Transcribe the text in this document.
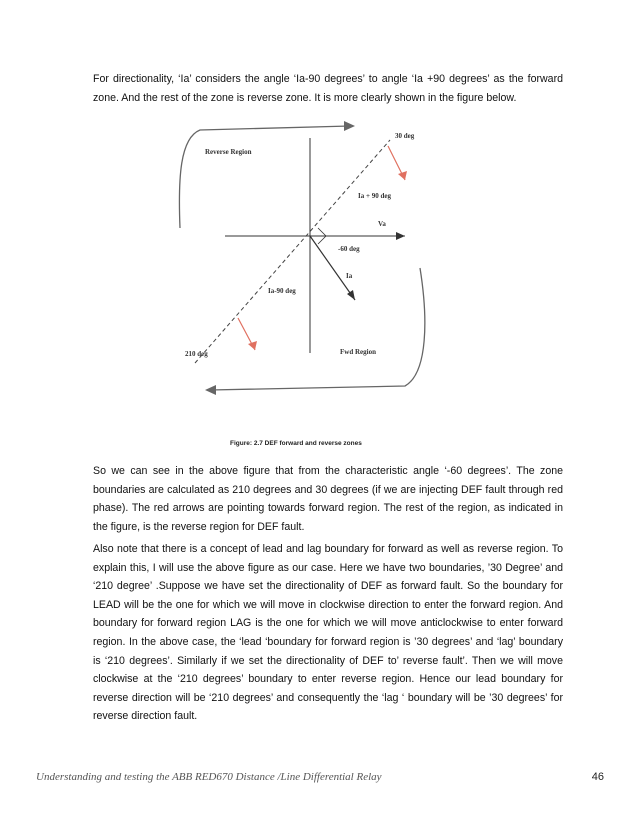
For directionality, ‘Ia’ considers the angle ‘Ia-90 degrees’ to angle ‘Ia +90 degrees’ as the forward zone. And the rest of the zone is reverse zone. It is more clearly shown in the figure below.

Reverse Region
Fwd Region
30 deg
210 deg
Ia + 90 deg
Ia-90 deg
Va
-60 deg
Ia
Figure: 2.7 DEF forward and reverse zones

So we can see in the above figure that from the characteristic angle ‘-60 degrees’. The zone boundaries are calculated as 210 degrees and 30 degrees (if we are injecting DEF fault through red phase). The red arrows are pointing towards forward region. The rest of the region, as indicated in the figure, is the reverse region for DEF fault.

Also note that there is a concept of lead and lag boundary for forward as well as reverse region. To explain this, I will use the above figure as our case. Here we have two boundaries, ’30 Degree’ and ‘210 degree’ .Suppose we have set the directionality of DEF as forward fault. So the boundary for LEAD will be the one for which we will move in clockwise direction to enter the forward region. And boundary for forward region LAG is the one for which we will move anticlockwise to enter forward region. In the above case, the ‘lead ‘boundary for forward region is ’30 degrees’ and ‘lag’ boundary is ‘210 degrees’. Similarly if we set the directionality of DEF to’ reverse fault’. Then we will move clockwise at the ‘210 degrees’ boundary to enter reverse region. Hence our lead boundary for reverse direction will be ‘210 degrees’ and consequently the ‘lag ‘ boundary will be ’30 degrees’ for reverse direction fault.

Understanding and testing the ABB RED670 Distance /Line Differential Relay	46
